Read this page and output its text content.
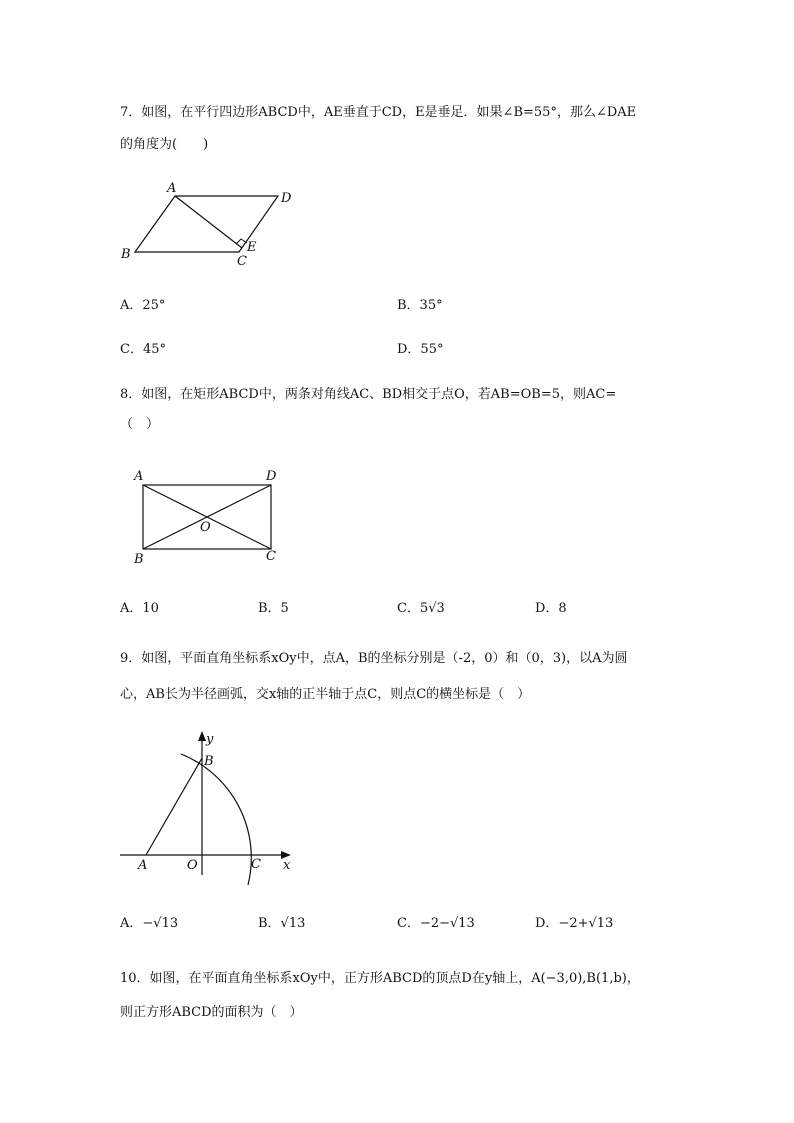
7．如图，在平行四边形ABCD中，AE垂直于CD，E是垂足．如果∠B=55°，那么∠DAE
的角度为(　　)
A
D
B	C
E
A．25°	B．35°
C．45°	D．55°
8．如图，在矩形ABCD中，两条对角线AC、BD相交于点O，若AB=OB=5，则AC=
（　）
A	D
B	C
O
A．10	B．5	C．5√3	D．8
9．如图，平面直角坐标系xOy中，点A，B的坐标分别是（-2，0）和（0，3)，以A为圆
心，AB长为半径画弧，交x轴的正半轴于点C，则点C的横坐标是（　）
y
B
A	O	C x
A．−√13	B．√13	C．−2−√13	D．−2+√13
10．如图，在平面直角坐标系xOy中，正方形ABCD的顶点D在y轴上，A(−3,0),B(1,b)，
则正方形ABCD的面积为（　）
